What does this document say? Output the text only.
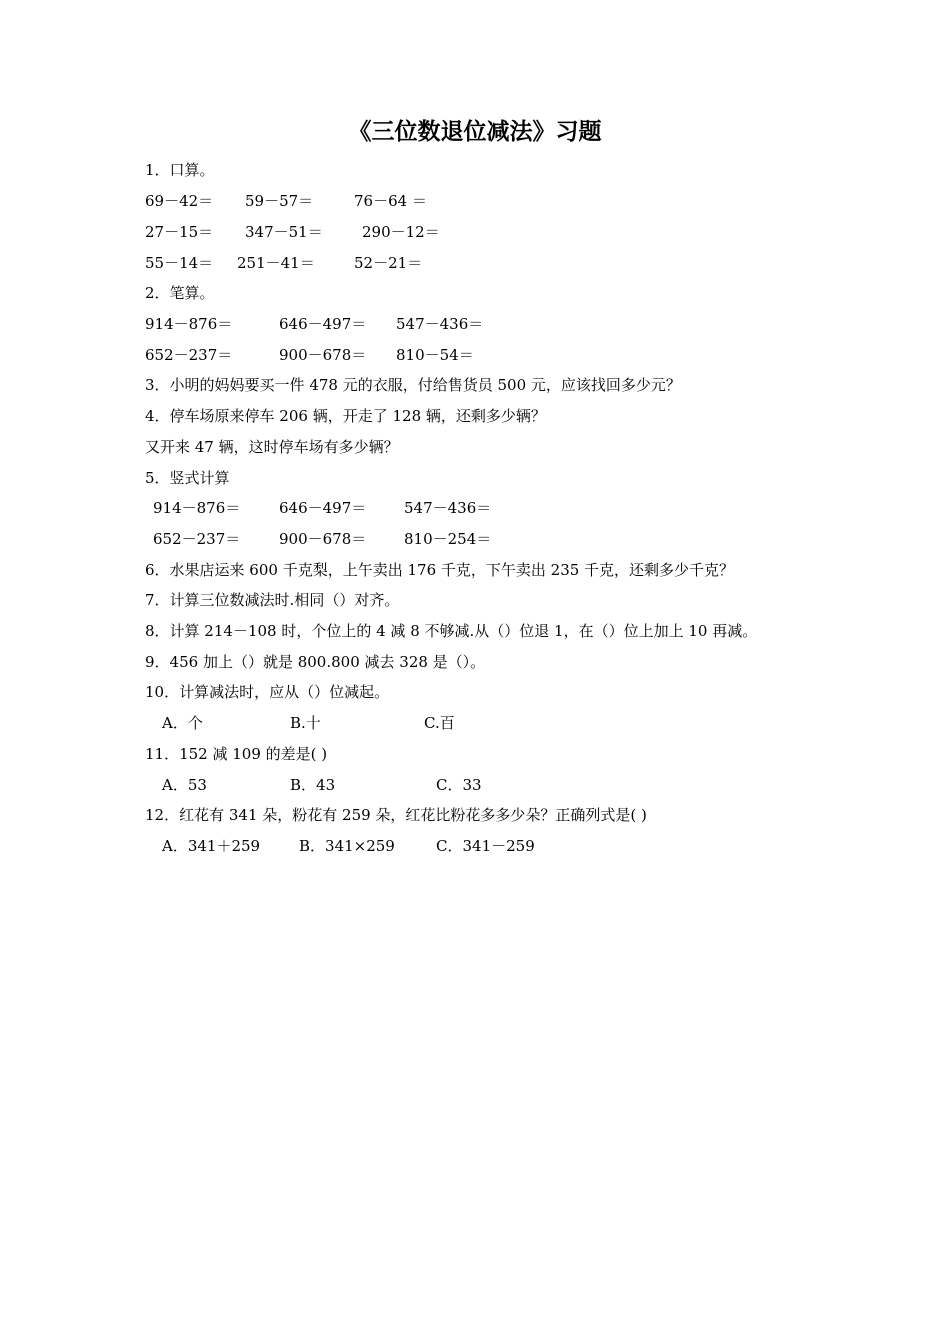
《三位数退位减法》习题
1．口算。
69－42＝ 59－57＝	76－64 ＝
27－15＝ 347－51＝	290－12＝
55－14＝ 251－41＝	52－21＝
2．笔算。
914－876＝	646－497＝ 547－436＝
652－237＝	900－678＝ 810－54＝
3．小明的妈妈要买一件 478 元的衣服，付给售货员 500 元，应该找回多少元？
4．停车场原来停车 206 辆，开走了 128 辆，还剩多少辆？
又开来 47 辆，这时停车场有多少辆？
5．竖式计算
914－876＝	646－497＝	547－436＝
652－237＝	900－678＝	810－254＝
6．水果店运来 600 千克梨，上午卖出 176 千克，下午卖出 235 千克，还剩多少千克？
7．计算三位数减法时.相同（）对齐。
8．计算 214－108 时，个位上的 4 减 8 不够减.从（）位退 1，在（）位上加上 10 再减。
9．456 加上（）就是 800.800 减去 328 是（）。
10．计算减法时，应从（）位减起。
A．个	B.十	C.百
11．152 减 109 的差是( )
A．53	B．43	C．33
12．红花有 341 朵，粉花有 259 朵，红花比粉花多多少朵？正确列式是( )
A．341＋259	B．341×259	C．341－259
